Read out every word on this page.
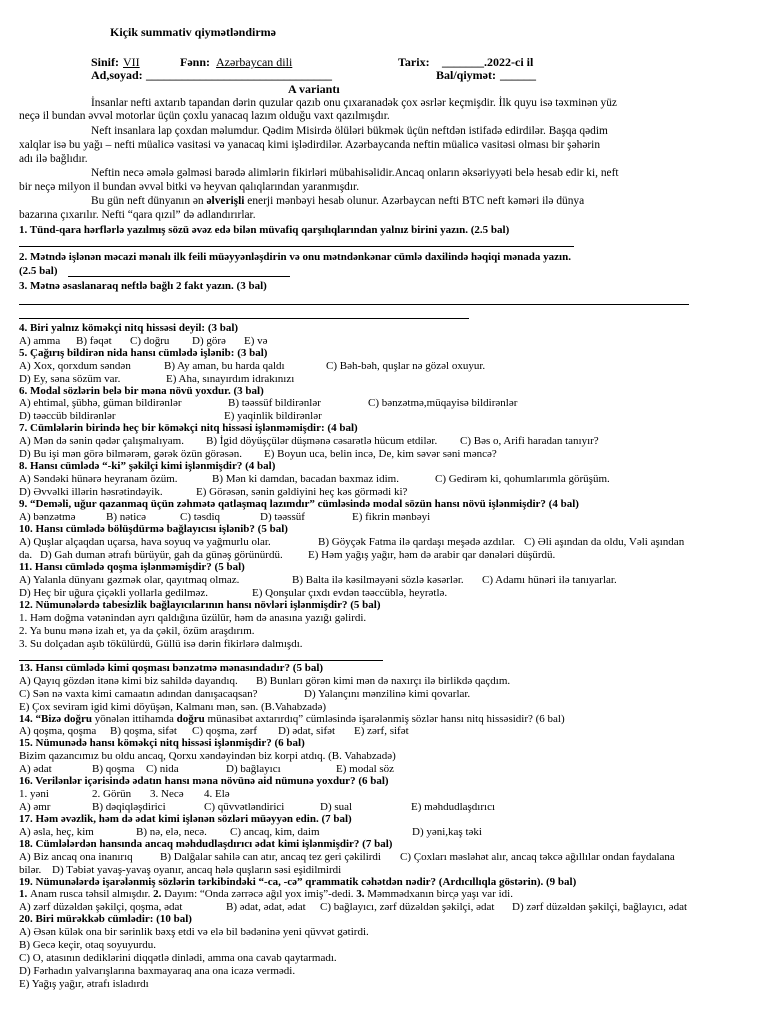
Kiçik summativ qiymətləndirmə
Sinif: VII	Fənn: Azərbaycan dili	Tarix: _______.2022-ci il
Ad,soyad: _______________________________	Bal/qiymət: ______
A variantı
İnsanlar nefti axtarıb tapandan dərin quzular qazıb onu çıxaranadək çox əsrlər keçmişdir. İlk quyu isə təxminən yüz
neçə il bundan əvvəl motorlar üçün çoxlu yanacaq lazım olduğu vaxt qazılmışdır.
Neft insanlara lap çoxdan məlumdur. Qədim Misirdə ölüləri bükmək üçün neftdən istifadə edirdilər. Başqa qədim
xalqlar isə bu yağı – nefti müalicə vasitəsi və yanacaq kimi işlədirdilər. Azərbaycanda neftin müalicə vasitəsi olması bir şəhərin
adı ilə bağlıdır.
Neftin necə əmələ gəlməsi barədə alimlərin fikirləri mübahisəlidir.Ancaq onların əksəriyyəti belə hesab edir ki, neft
bir neçə milyon il bundan əvvəl bitki və heyvan qalıqlarından yaranmışdır.
Bu gün neft dünyanın ən əlverişli enerji mənbəyi hesab olunur. Azərbaycan nefti BTC neft kəməri ilə dünya
bazarına çıxarılır. Nefti “qara qızıl” də adlandırırlar.
1. Tünd-qara hərflərlə yazılmış sözü əvəz edə bilən müvafiq qarşılıqlarından yalnız birini yazın. (2.5 bal)
2. Mətndə işlənən məcazi mənalı ilk feili müəyyənləşdirin və onu mətndənkənar cümlə daxilində həqiqi mənada yazın.
(2.5 bal)
3. Mətnə əsaslanaraq neftlə bağlı 2 fakt yazın. (3 bal)
4. Biri yalnız köməkçi nitq hissəsi deyil: (3 bal)
A) amma B) fəqət C) doğru D) görə E) və
5. Çağırış bildirən nida hansı cümlədə işlənib: (3 bal)
A) Xox, qorxdum səndən	B) Ay aman, bu harda qaldı	C) Bəh-bəh, quşlar nə gözəl oxuyur.
D) Ey, səna sözüm var.	E) Aha, sınayırdım idrakınızı
6. Modal sözlərin belə bir məna növü yoxdur. (3 bal)
A) ehtimal, şübhə, güman bildirənlər	B) təəssüf bildirənlər	C) bənzətmə,müqayisə bildirənlər
D) təəccüb bildirənlər	E) yaqinlik bildirənlər
7. Cümlələrin birində heç bir köməkçi nitq hissəsi işlənməmişdir: (4 bal)
A) Mən də sənin qədər çalışmalıyam. B) İgid döyüşçülər düşmənə cəsarətlə hücum etdilər. C) Bəs o, Arifi haradan tanıyır?
D) Bu işi mən görə bilmərəm, gərək özün görəsən. E) Boyun uca, belin incə, De, kim səvər səni məncə?
8. Hansı cümlədə “-ki” şəkilçi kimi işlənmişdir? (4 bal)
A) Səndəki hünərə heyranam özüm.	B) Mən ki damdan, bacadan baxmaz idim.	C) Gedirəm ki, qohumlarımla görüşüm.
D) Əvvəlki illərin həsrətindəyik.	E) Görəsən, sənin gəldiyini heç kəs görmədi ki?
9. “Deməli, uğur qazanmaq üçün zəhmətə qatlaşmaq lazımdır” cümləsində modal sözün hansı növü işlənmişdir? (4 bal)
A) bənzətmə	B) nəticə	C) təsdiq	D) təəssüf	E) fikrin mənbəyi
10. Hansı cümlədə bölüşdürmə bağlayıcısı işlənib? (5 bal)
A) Quşlar alçaqdan uçarsa, hava soyuq və yağmurlu olar.	B) Göyçək Fatma ilə qardaşı meşədə azdılar. C) Əli aşından da oldu, Vəli aşından
da. D) Gah duman ətrafı bürüyür, gah da günəş görünürdü. E) Həm yağış yağır, həm də arabir qar dənələri düşürdü.
11. Hansı cümlədə qoşma işlənməmişdir? (5 bal)
A) Yalanla dünyanı gəzmək olar, qayıtmaq olmaz.	B) Balta ilə kəsilməyəni sözlə kəsərlər. C) Adamı hünəri ilə tanıyarlar.
D) Heç bir uğura çiçəkli yollarla gedilməz.	E) Qonşular çıxdı evdən təəccüblə, heyrətlə.
12. Nümunələrdə tabesizlik bağlayıcılarının hansı növləri işlənmişdir? (5 bal)
1. Həm doğma vətənindən ayrı qaldığına üzülür, həm də anasına yazığı gəlirdi.
2. Ya bunu mənə izah et, ya da çəkil, özüm araşdırım.
3. Su dolçadan aşıb tökülürdü, Güllü isə dərin fikirlərə dalmışdı.
13. Hansı cümlədə kimi qoşması bənzətmə mənasındadır? (5 bal)
A) Qayıq gözdən itənə kimi biz sahildə dayandıq. B) Bunları görən kimi mən də naxırçı ilə birlikdə qaçdım.
C) Sən nə vaxta kimi camaatın adından danışacaqsan?	D) Yalançını mənzilinə kimi qovarlar.
E) Çox seviram igid kimi döyüşən, Kalmanı mən, sən. (B.Vahabzadə)
14. “Bizə doğru yönələn ittihamda doğru münasibət axtarırdıq” cümləsində işarələnmiş sözlər hansı nitq hissəsidir? (6 bal)
A) qoşma, qoşma B) qoşma, sifət C) qoşma, zərf D) ədat, sifət E) zərf, sifət
15. Nümunədə hansı köməkçi nitq hissəsi işlənmişdir? (6 bal)
Bizim qazancımız bu oldu ancaq, Qorxu xəndəyindən biz korpi atdıq. (B. Vahabzadə)
A) ədat	B) qoşma C) nida	D) bağlayıcı	E) modal söz
16. Verilənlər içərisində ədatın hansı məna növünə aid nümunə yoxdur? (6 bal)
1. yəni	2. Görün 3. Necə 4. Elə
A) əmr	B) dəqiqləşdirici	C) qüvvətləndirici	D) sual	E) məhdudlaşdırıcı
17. Həm əvəzlik, həm də ədat kimi işlənən sözləri müəyyən edin. (7 bal)
A) əslа, heç, kim	B) nə, elə, necə. C) ancaq, kim, daim	D) yəni,kaş təki
18. Cümlələrdən hansında ancaq məhdudlaşdırıcı ədat kimi işlənmişdir? (7 bal)
A) Biz ancaq ona inanırıq B) Dalğalar sahilə can atır, ancaq tez geri çəkilirdi C) Çoxları məsləhət alır, ancaq təkcə ağıllılar ondan faydalana
bilər. D) Təbiət yavaş-yavaş oyanır, ancaq hələ quşların səsi eşidilmirdi
19. Nümunələrdə işarələnmiş sözlərin tərkibindəki “-ca, -cə” qrammatik cəhətdən nədir? (Ardıcıllıqla göstərin). (9 bal)
1. Anam rusca təhsil almışdır. 2. Dayım: “Onda zərrəcə ağıl yox imiş”-dedi. 3. Məmmədxanın birc̦ə yaşı var idi.
A) zərf düzəldən şəkilçi, qoşma, ədat	B) ədat, ədat, ədat C) bağlayıcı, zərf düzəldən şəkilçi, ədat D) zərf düzəldən şəkilçi, bağlayıcı, ədat
20. Biri mürəkkəb cümlədir: (10 bal)
A) Əsən külək ona bir sərinlik bəxş etdi və elə bil bədəninə yeni qüvvət gətirdi.
B) Gecə keçir, otaq soyuyurdu.
C) O, atasının dediklərini diqqətlə dinlədi, amma ona cavab qaytarmadı.
D) Fərhadın yalvarışlarına baxmayaraq ana ona icazə vermədi.
E) Yağış yağır, ətrafı isladırdı
